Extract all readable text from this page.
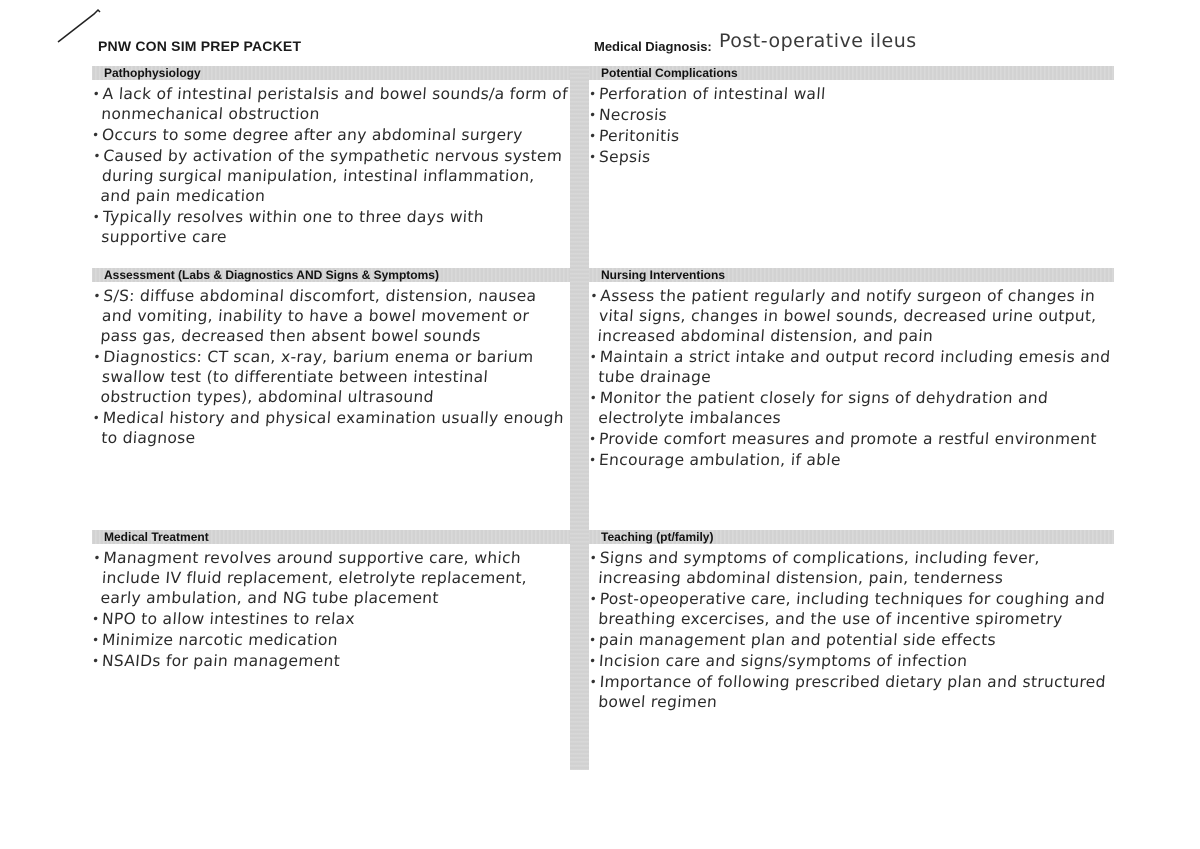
PNW CON SIM PREP PACKET	Medical Diagnosis: Post-operative ileus
Pathophysiology
• A lack of intestinal peristalsis and bowel sounds/a form of nonmechanical obstruction
• Occurs to some degree after any abdominal surgery
• Caused by activation of the sympathetic nervous system during surgical manipulation, intestinal inflammation, and pain medication
• Typically resolves within one to three days with supportive care
Potential Complications
• Perforation of intestinal wall
• Necrosis
• Peritonitis
• Sepsis
Assessment (Labs & Diagnostics AND Signs & Symptoms)
• S/S: diffuse abdominal discomfort, distension, nausea and vomiting, inability to have a bowel movement or pass gas, decreased then absent bowel sounds
• Diagnostics: CT scan, x-ray, barium enema or barium swallow test (to differentiate between intestinal obstruction types), abdominal ultrasound
• Medical history and physical examination usually enough to diagnose
Nursing Interventions
• Assess the patient regularly and notify surgeon of changes in vital signs, changes in bowel sounds, decreased urine output, increased abdominal distension, and pain
• Maintain a strict intake and output record including emesis and tube drainage
• Monitor the patient closely for signs of dehydration and electrolyte imbalances
• Provide comfort measures and promote a restful environment
• Encourage ambulation, if able
Medical Treatment
• Managment revolves around supportive care, which include IV fluid replacement, eletrolyte replacement, early ambulation, and NG tube placement
• NPO to allow intestines to relax
• Minimize narcotic medication
• NSAIDs for pain management
Teaching (pt/family)
• Signs and symptoms of complications, including fever, increasing abdominal distension, pain, tenderness
• Post-opeoperative care, including techniques for coughing and breathing excercises, and the use of incentive spirometry
• pain management plan and potential side effects
• Incision care and signs/symptoms of infection
• Importance of following prescribed dietary plan and structured bowel regimen
